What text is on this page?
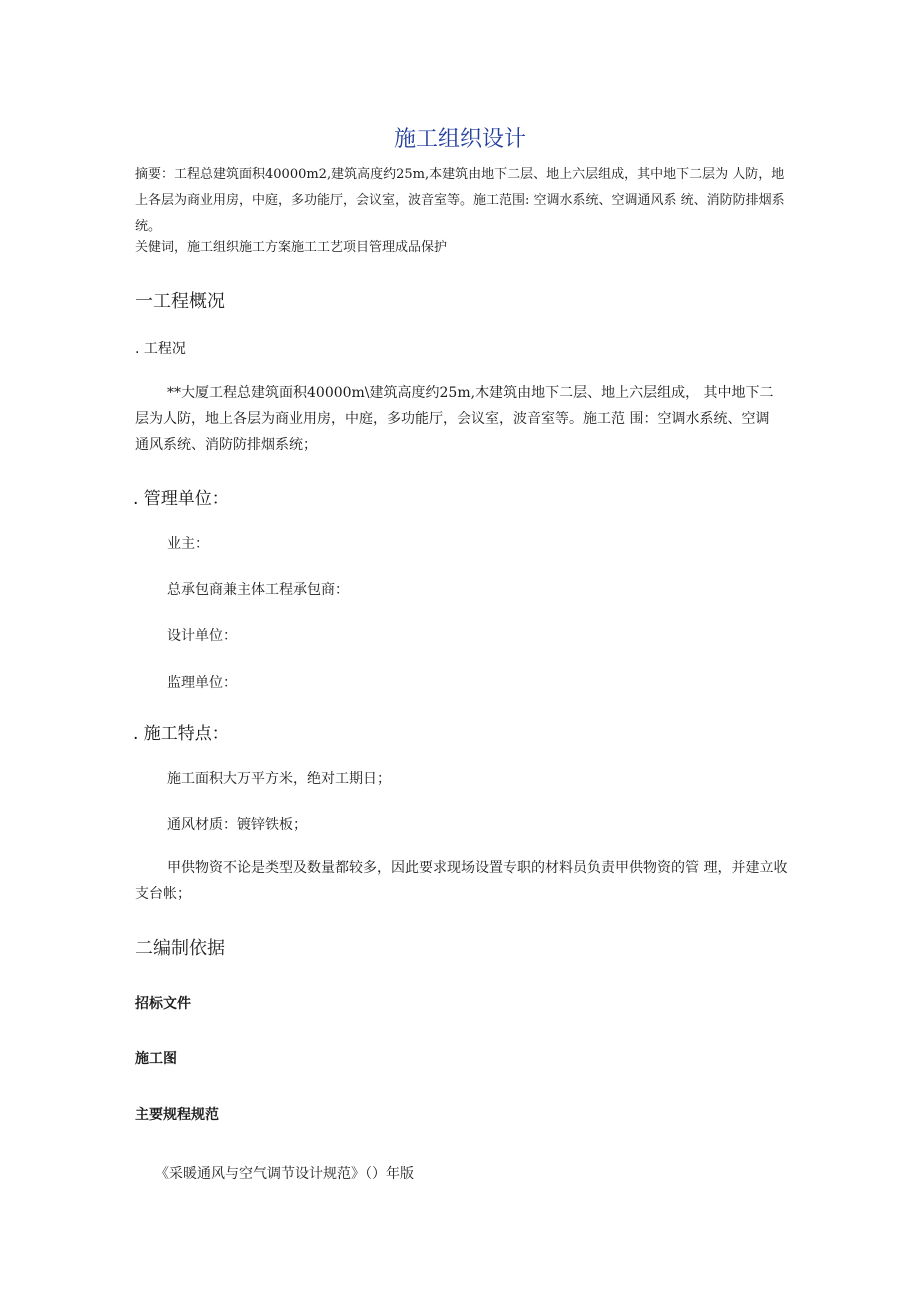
施工组织设计
摘要：工程总建筑面积40000m2,建筑高度约25m,本建筑由地下二层、地上六层组成，其中地下二层为 人防，地上各层为商业用房，中庭，多功能厅，会议室，波音室等。施工范围: 空调水系统、空调通风系 统、消防防排烟系统。
关健词，施工组织施工方案施工工艺项目管理成品保护
一工程概况
. 工程况
**大厦工程总建筑面积40000m\建筑高度约25m,木建筑由地下二层、地上六层组成， 其中地下二层为人防，地上各层为商业用房，中庭，多功能厅，会议室，波音室等。施工范 围：空调水系统、空调通风系统、消防防排烟系统；
. 管理单位：
业主：
总承包商兼主体工程承包商：
设计单位：
监理单位：
. 施工特点：
施工面积大万平方米，绝对工期日；
通风材质：镀锌铁板；
甲供物资不论是类型及数量都较多，因此要求现场设置专职的材料员负责甲供物资的管 理，并建立收支台帐；
二编制依据
招标文件
施工图
主要规程规范
《采暖通风与空气调节设计规范》（）年版
